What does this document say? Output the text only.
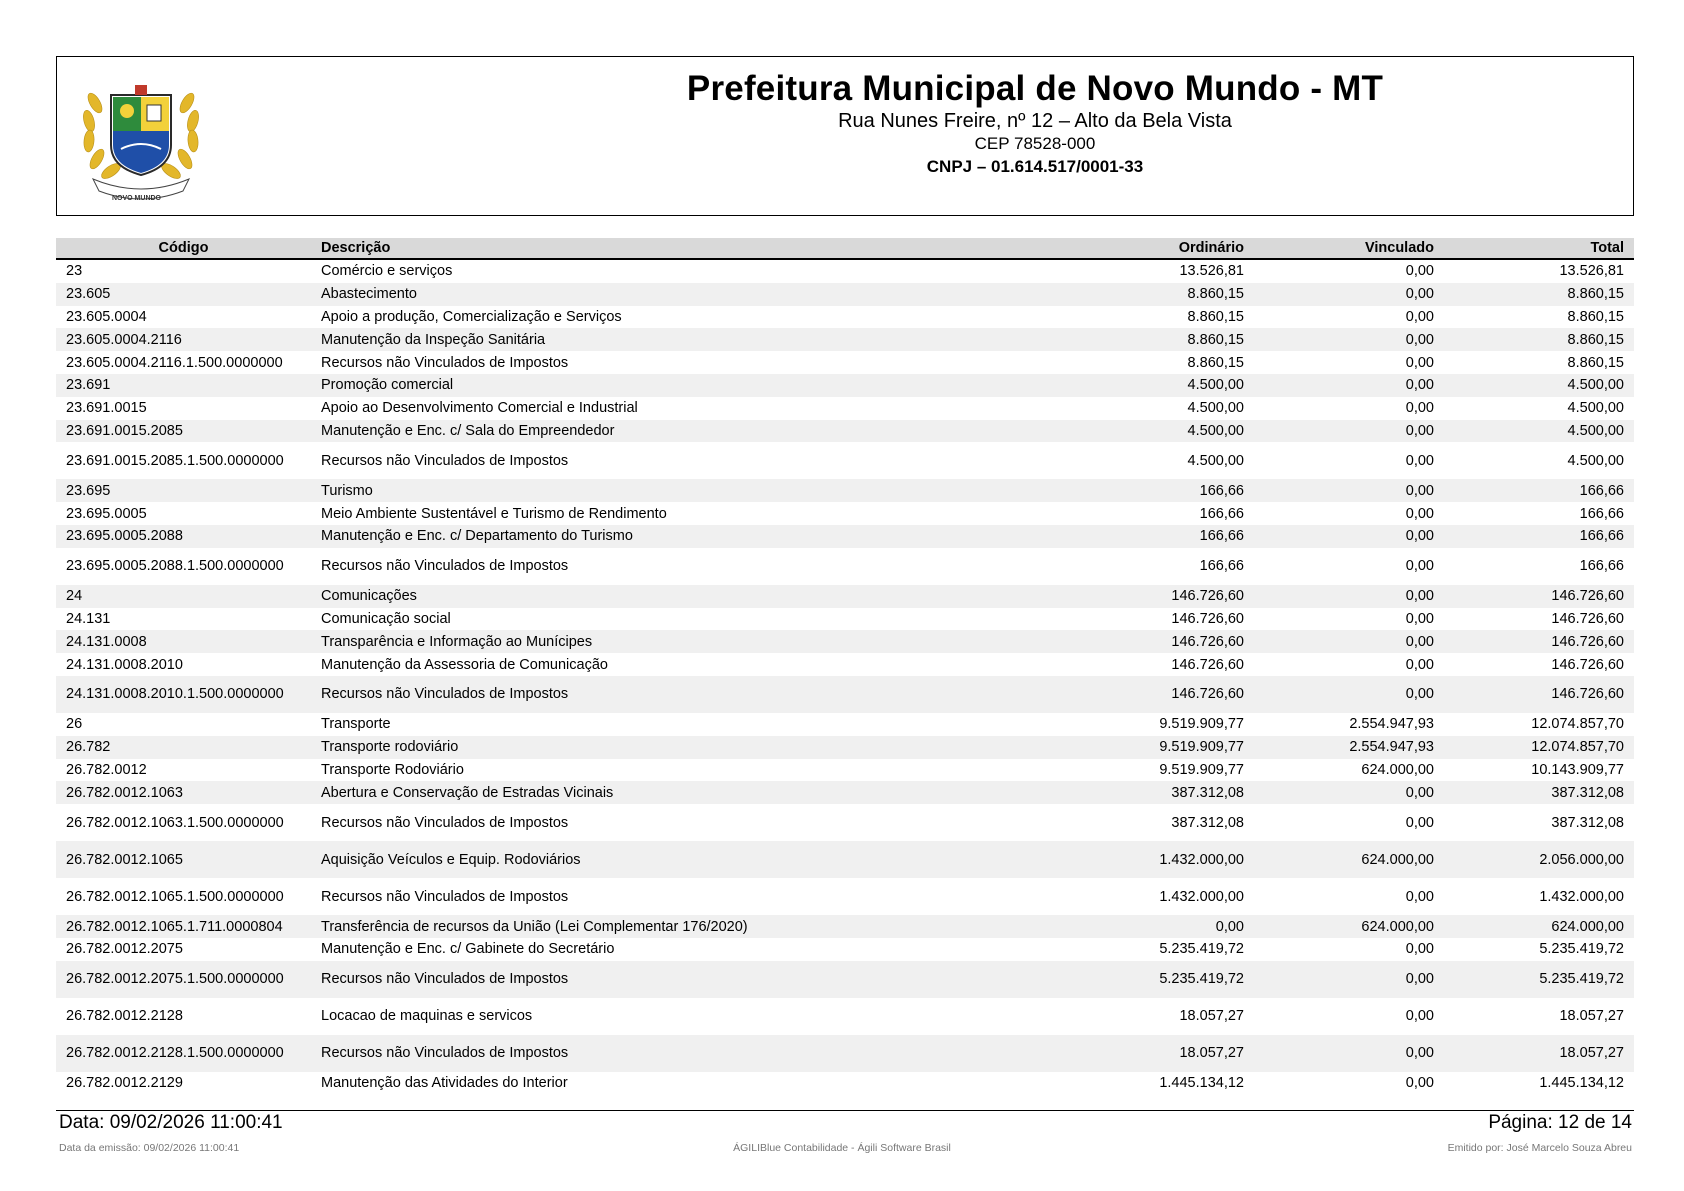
NOVO MUNDO
Prefeitura Municipal de Novo Mundo - MT
Rua Nunes Freire, nº 12 – Alto da Bela Vista
CEP 78528-000
CNPJ – 01.614.517/0001-33
Código	Descrição	Ordinário	Vinculado	Total
23	Comércio e serviços	13.526,81	0,00	13.526,81
23.605	Abastecimento	8.860,15	0,00	8.860,15
23.605.0004	Apoio a produção, Comercialização e Serviços	8.860,15	0,00	8.860,15
23.605.0004.2116	Manutenção da Inspeção Sanitária	8.860,15	0,00	8.860,15
23.605.0004.2116.1.500.0000000	Recursos não Vinculados de Impostos	8.860,15	0,00	8.860,15
23.691	Promoção comercial	4.500,00	0,00	4.500,00
23.691.0015	Apoio ao Desenvolvimento Comercial e Industrial	4.500,00	0,00	4.500,00
23.691.0015.2085	Manutenção e Enc. c/ Sala do Empreendedor	4.500,00	0,00	4.500,00
23.691.0015.2085.1.500.0000000	Recursos não Vinculados de Impostos	4.500,00	0,00	4.500,00
23.695	Turismo	166,66	0,00	166,66
23.695.0005	Meio Ambiente Sustentável e Turismo de Rendimento	166,66	0,00	166,66
23.695.0005.2088	Manutenção e Enc. c/ Departamento do Turismo	166,66	0,00	166,66
23.695.0005.2088.1.500.0000000	Recursos não Vinculados de Impostos	166,66	0,00	166,66
24	Comunicações	146.726,60	0,00	146.726,60
24.131	Comunicação social	146.726,60	0,00	146.726,60
24.131.0008	Transparência e Informação ao Munícipes	146.726,60	0,00	146.726,60
24.131.0008.2010	Manutenção da Assessoria de Comunicação	146.726,60	0,00	146.726,60
24.131.0008.2010.1.500.0000000	Recursos não Vinculados de Impostos	146.726,60	0,00	146.726,60
26	Transporte	9.519.909,77	2.554.947,93	12.074.857,70
26.782	Transporte rodoviário	9.519.909,77	2.554.947,93	12.074.857,70
26.782.0012	Transporte Rodoviário	9.519.909,77	624.000,00	10.143.909,77
26.782.0012.1063	Abertura e Conservação de Estradas Vicinais	387.312,08	0,00	387.312,08
26.782.0012.1063.1.500.0000000	Recursos não Vinculados de Impostos	387.312,08	0,00	387.312,08
26.782.0012.1065	Aquisição Veículos e Equip. Rodoviários	1.432.000,00	624.000,00	2.056.000,00
26.782.0012.1065.1.500.0000000	Recursos não Vinculados de Impostos	1.432.000,00	0,00	1.432.000,00
26.782.0012.1065.1.711.0000804	Transferência de recursos da União (Lei Complementar 176/2020)	0,00	624.000,00	624.000,00
26.782.0012.2075	Manutenção e Enc. c/ Gabinete do Secretário	5.235.419,72	0,00	5.235.419,72
26.782.0012.2075.1.500.0000000	Recursos não Vinculados de Impostos	5.235.419,72	0,00	5.235.419,72
26.782.0012.2128	Locacao de maquinas e servicos	18.057,27	0,00	18.057,27
26.782.0012.2128.1.500.0000000	Recursos não Vinculados de Impostos	18.057,27	0,00	18.057,27
26.782.0012.2129	Manutenção das Atividades do Interior	1.445.134,12	0,00	1.445.134,12
Data: 09/02/2026 11:00:41	Página: 12 de 14
Data da emissão: 09/02/2026 11:00:41	ÁGILIBlue Contabilidade - Ágili Software Brasil	Emitido por: José Marcelo Souza Abreu
